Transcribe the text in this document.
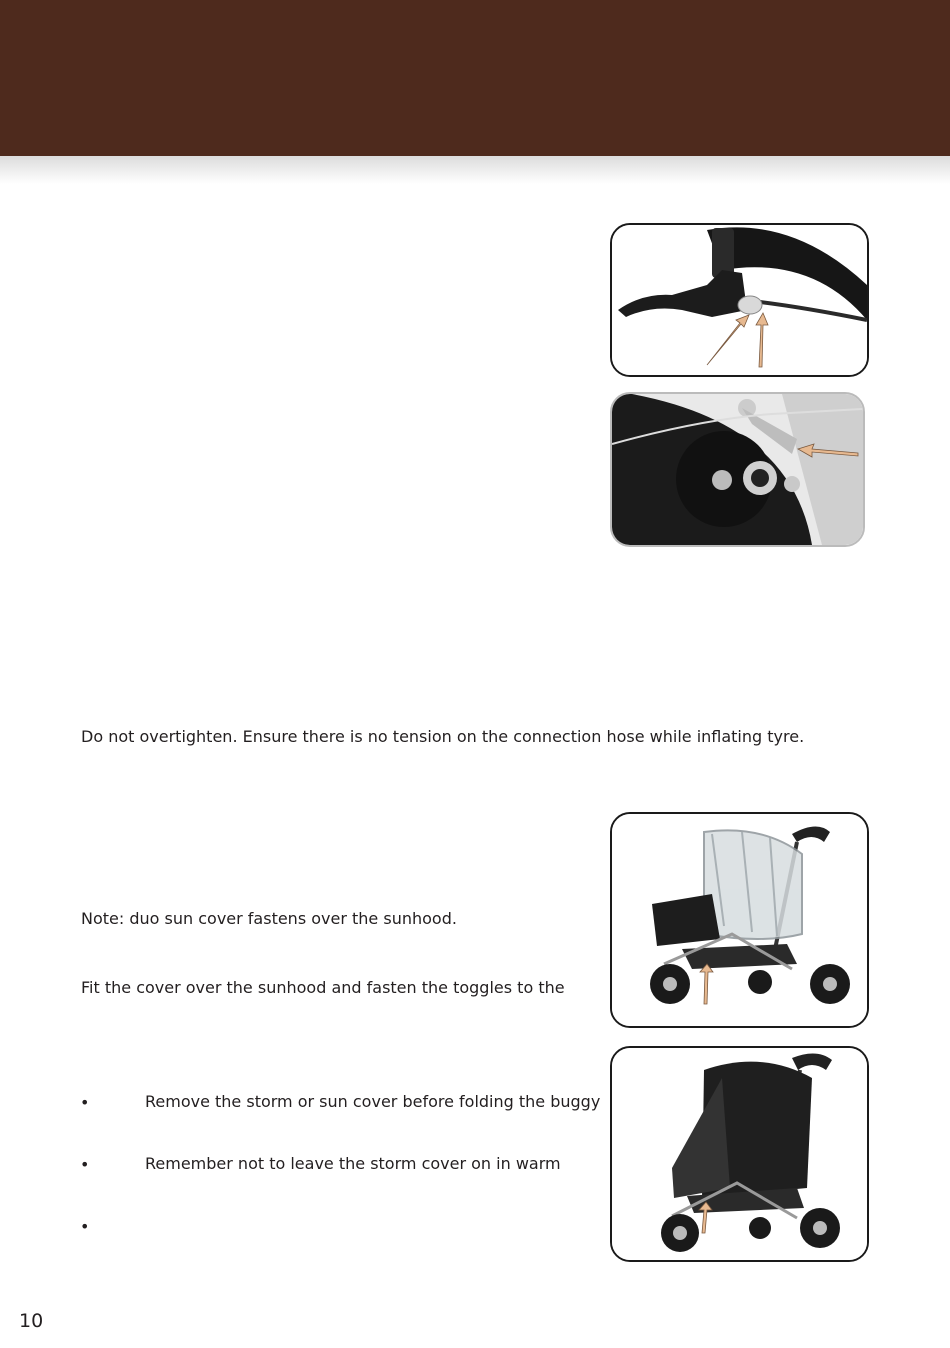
Do not overtighten. Ensure there is no tension on the connection hose while inflating tyre.
Note: duo sun cover fastens over the sunhood.
Fit the cover over the sunhood and fasten the toggles to the
•	Remove the storm or sun cover before folding the buggy
•	Remember not to leave the storm cover on in warm
•
10
